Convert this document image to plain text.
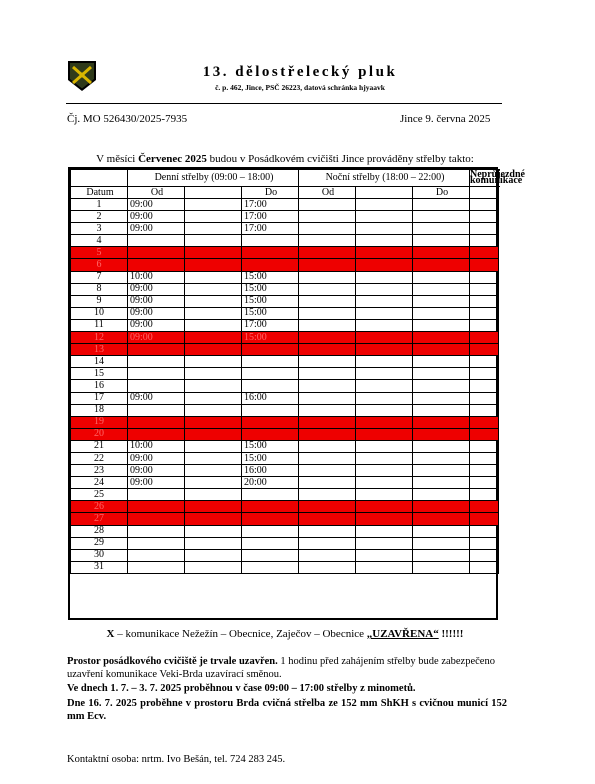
13. dělostřelecký pluk
č. p. 462, Jince, PSČ 26223, datová schránka hjyaavk
Čj. MO 526430/2025-7935	Jince 9. června 2025
V měsíci Červenec 2025 budou v Posádkovém cvičišti Jince prováděny střelby takto:
	Denní střelby (09:00 – 18:00)			Noční střelby (18:00 – 22:00)			Neprůjezdné komunikace	
Datum	Od		Do	Od		Do		
1	09:00		17:00					
2	09:00		17:00					
3	09:00		17:00					
4								
5								
6								
7	10:00		15:00					
8	09:00		15:00					
9	09:00		15:00					
10	09:00		15:00					
11	09:00		17:00					
12	09:00		15:00					
13								
14								
15								
16								
17	09:00		16:00					
18								
19								
20								
21	10:00		15:00					
22	09:00		15:00					
23	09:00		16:00					
24	09:00		20:00					
25								
26								
27								
28								
29								
30								
31								
X – komunikace Nežežín – Obecnice, Zaječov – Obecnice „UZAVŘENA“ !!!!!!
Prostor posádkového cvičiště je trvale uzavřen. 1 hodinu před zahájením střelby bude zabezpečeno uzavření komunikace Veki-Brda uzavírací směnou.
Ve dnech 1. 7. – 3. 7. 2025 proběhnou v čase 09:00 – 17:00 střelby z minometů.
Dne 16. 7. 2025 proběhne v prostoru Brda cvičná střelba ze 152 mm ShKH s cvičnou municí 152 mm Ecv.
Kontaktní osoba: nrtm. Ivo Bešán, tel. 724 283 245.
